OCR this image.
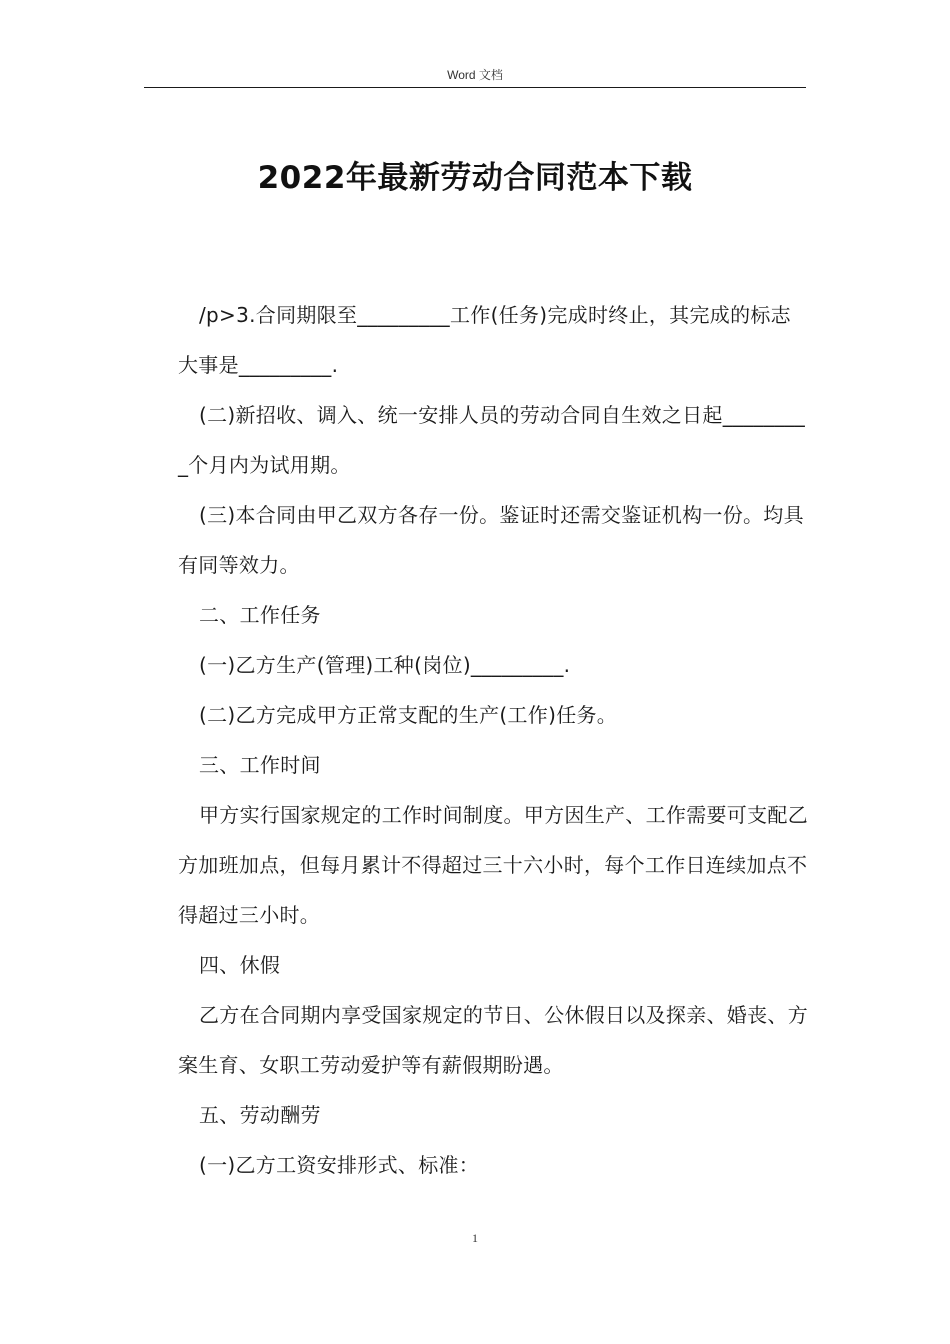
Word 文档
2022年最新劳动合同范本下载

/p>3.合同期限至_________工作(任务)完成时终止，其完成的标志大事是_________.

(二)新招收、调入、统一安排人员的劳动合同自生效之日起_________个月内为试用期。

(三)本合同由甲乙双方各存一份。鉴证时还需交鉴证机构一份。均具有同等效力。

二、工作任务

(一)乙方生产(管理)工种(岗位)_________.

(二)乙方完成甲方正常支配的生产(工作)任务。

三、工作时间

甲方实行国家规定的工作时间制度。甲方因生产、工作需要可支配乙方加班加点，但每月累计不得超过三十六小时，每个工作日连续加点不得超过三小时。

四、休假

乙方在合同期内享受国家规定的节日、公休假日以及探亲、婚丧、方案生育、女职工劳动爱护等有薪假期盼遇。

五、劳动酬劳

(一)乙方工资安排形式、标准：

1
